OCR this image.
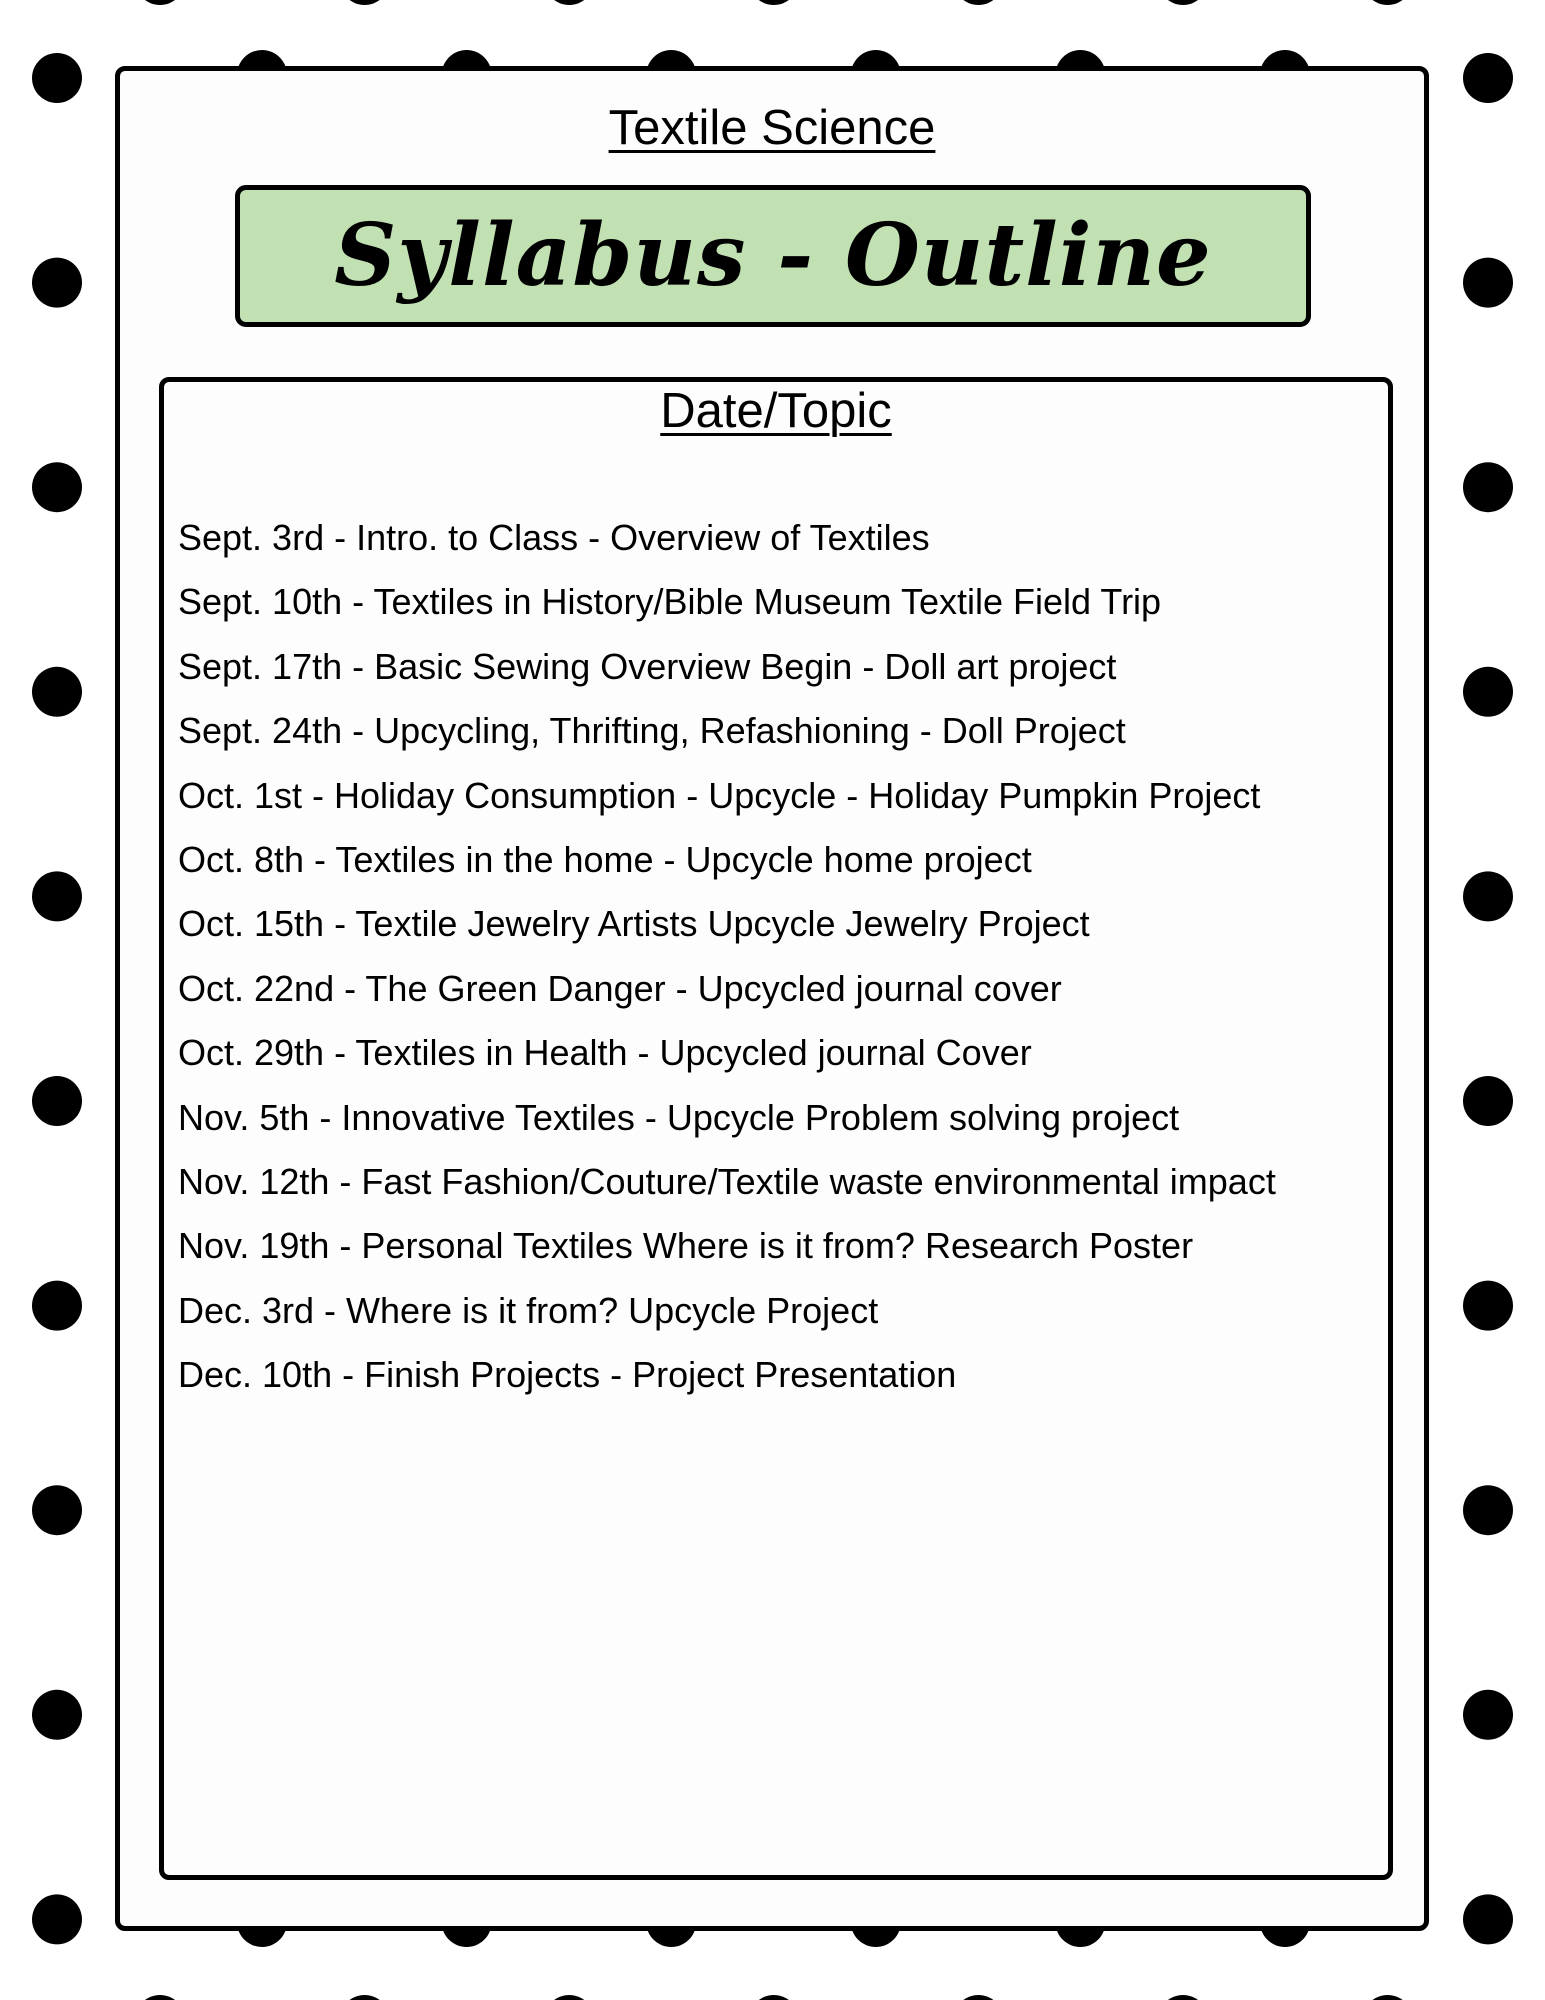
Textile Science
Syllabus - Outline
Date/Topic
Sept. 3rd - Intro. to Class - Overview of Textiles
Sept. 10th - Textiles in History/Bible Museum Textile Field Trip
Sept. 17th - Basic Sewing Overview Begin - Doll art project
Sept. 24th - Upcycling, Thrifting, Refashioning - Doll Project
Oct. 1st - Holiday Consumption - Upcycle - Holiday Pumpkin Project
Oct. 8th - Textiles in the home - Upcycle home project
Oct. 15th - Textile Jewelry Artists Upcycle Jewelry Project
Oct. 22nd - The Green Danger - Upcycled journal cover
Oct. 29th - Textiles in Health - Upcycled journal Cover
Nov. 5th - Innovative Textiles - Upcycle Problem solving project
Nov. 12th - Fast Fashion/Couture/Textile waste environmental impact
Nov. 19th - Personal Textiles Where is it from? Research Poster
Dec. 3rd - Where is it from? Upcycle Project
Dec. 10th - Finish Projects - Project Presentation
